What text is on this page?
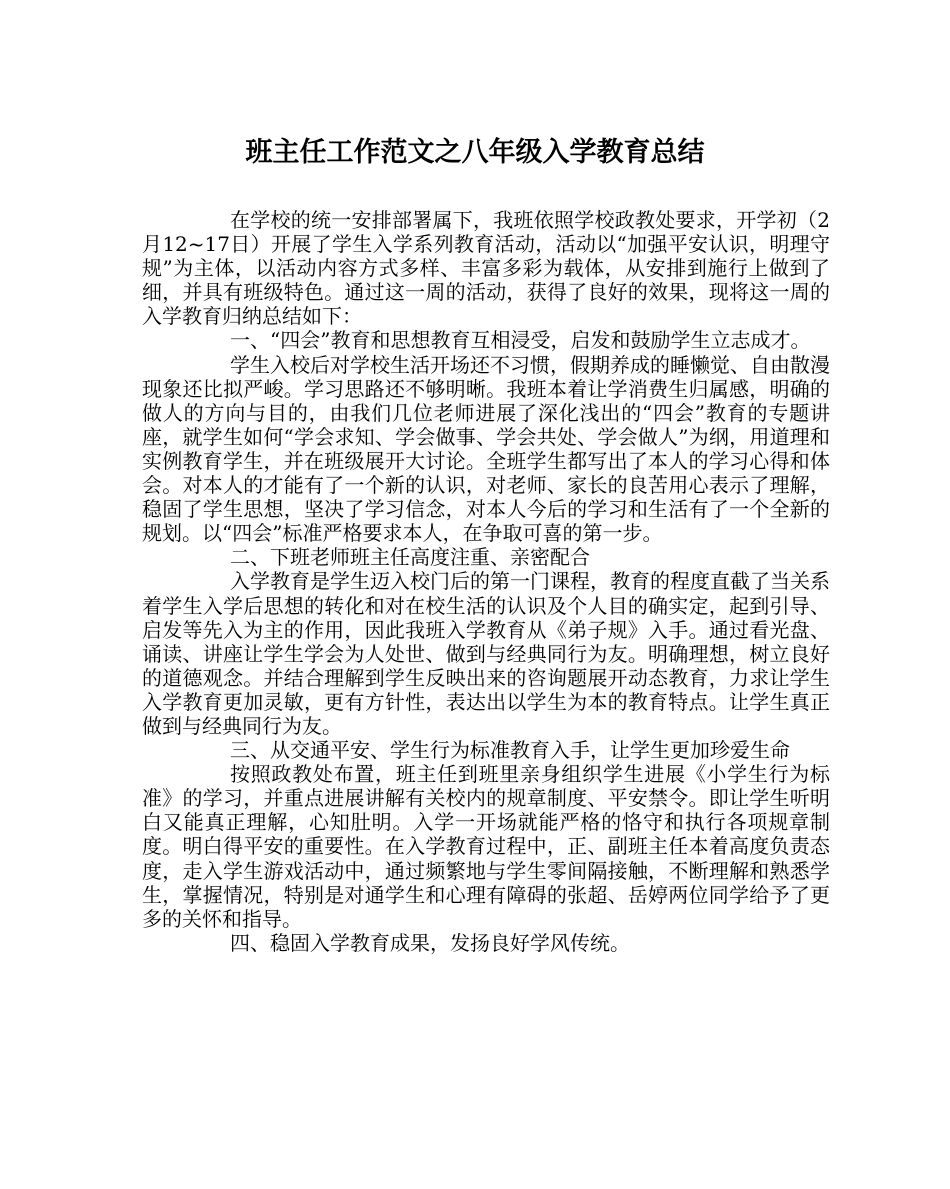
班主任工作范文之八年级入学教育总结

在学校的统一安排部署属下，我班依照学校政教处要求，开学初（2月12~17日）开展了学生入学系列教育活动，活动以“加强平安认识，明理守规”为主体，以活动内容方式多样、丰富多彩为载体，从安排到施行上做到了细，并具有班级特色。通过这一周的活动，获得了良好的效果，现将这一周的入学教育归纳总结如下：

一、“四会”教育和思想教育互相浸受，启发和鼓励学生立志成才。

学生入校后对学校生活开场还不习惯，假期养成的睡懒觉、自由散漫现象还比拟严峻。学习思路还不够明晰。我班本着让学消费生归属感，明确的做人的方向与目的，由我们几位老师进展了深化浅出的“四会”教育的专题讲座，就学生如何“学会求知、学会做事、学会共处、学会做人”为纲，用道理和实例教育学生，并在班级展开大讨论。全班学生都写出了本人的学习心得和体会。对本人的才能有了一个新的认识，对老师、家长的良苦用心表示了理解，稳固了学生思想，坚决了学习信念，对本人今后的学习和生活有了一个全新的规划。以“四会”标准严格要求本人，在争取可喜的第一步。

二、下班老师班主任高度注重、亲密配合

入学教育是学生迈入校门后的第一门课程，教育的程度直截了当关系着学生入学后思想的转化和对在校生活的认识及个人目的确实定，起到引导、启发等先入为主的作用，因此我班入学教育从《弟子规》入手。通过看光盘、诵读、讲座让学生学会为人处世、做到与经典同行为友。明确理想，树立良好的道德观念。并结合理解到学生反映出来的咨询题展开动态教育，力求让学生入学教育更加灵敏，更有方针性，表达出以学生为本的教育特点。让学生真正做到与经典同行为友。

三、从交通平安、学生行为标准教育入手，让学生更加珍爱生命

按照政教处布置，班主任到班里亲身组织学生进展《小学生行为标准》的学习，并重点进展讲解有关校内的规章制度、平安禁令。即让学生听明白又能真正理解，心知肚明。入学一开场就能严格的恪守和执行各项规章制度。明白得平安的重要性。在入学教育过程中，正、副班主任本着高度负责态度，走入学生游戏活动中，通过频繁地与学生零间隔接触，不断理解和熟悉学生，掌握情况，特别是对通学生和心理有障碍的张超、岳婷两位同学给予了更多的关怀和指导。

四、稳固入学教育成果，发扬良好学风传统。
